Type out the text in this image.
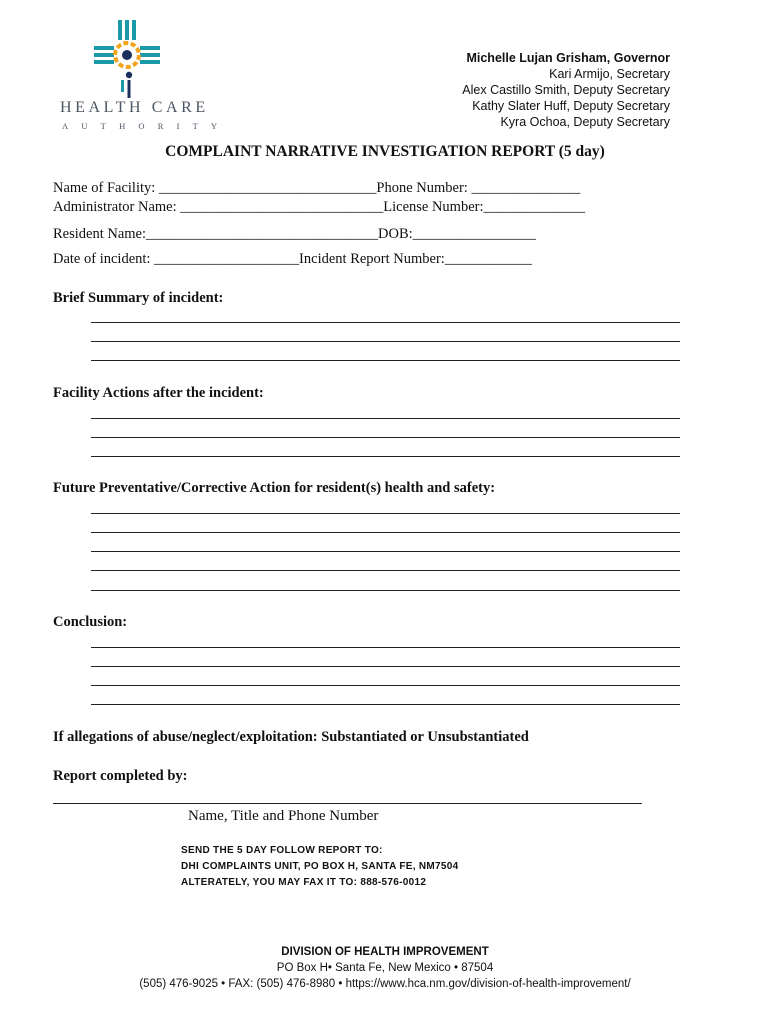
HEALTH CARE
AUTHORITY
Michelle Lujan Grisham, Governor
Kari Armijo, Secretary
Alex Castillo Smith, Deputy Secretary
Kathy Slater Huff, Deputy Secretary
Kyra Ochoa, Deputy Secretary
COMPLAINT NARRATIVE INVESTIGATION REPORT (5 day)
Name of Facility: ______________________________Phone Number: _______________
Administrator Name: ____________________________License Number:______________
Resident Name:________________________________DOB:_________________
Date of incident: ____________________Incident Report Number:____________
Brief Summary of incident:
Facility Actions after the incident:
Future Preventative/Corrective Action for resident(s) health and safety:
Conclusion:
If allegations of abuse/neglect/exploitation: Substantiated or Unsubstantiated
Report completed by:
Name, Title and Phone Number
SEND THE 5 DAY FOLLOW REPORT TO:
DHI COMPLAINTS UNIT, PO BOX H, SANTA FE, NM7504
ALTERATELY, YOU MAY FAX IT TO: 888-576-0012
DIVISION OF HEALTH IMPROVEMENT
PO Box H• Santa Fe, New Mexico • 87504
(505) 476-9025 • FAX: (505) 476-8980 • https://www.hca.nm.gov/division-of-health-improvement/
